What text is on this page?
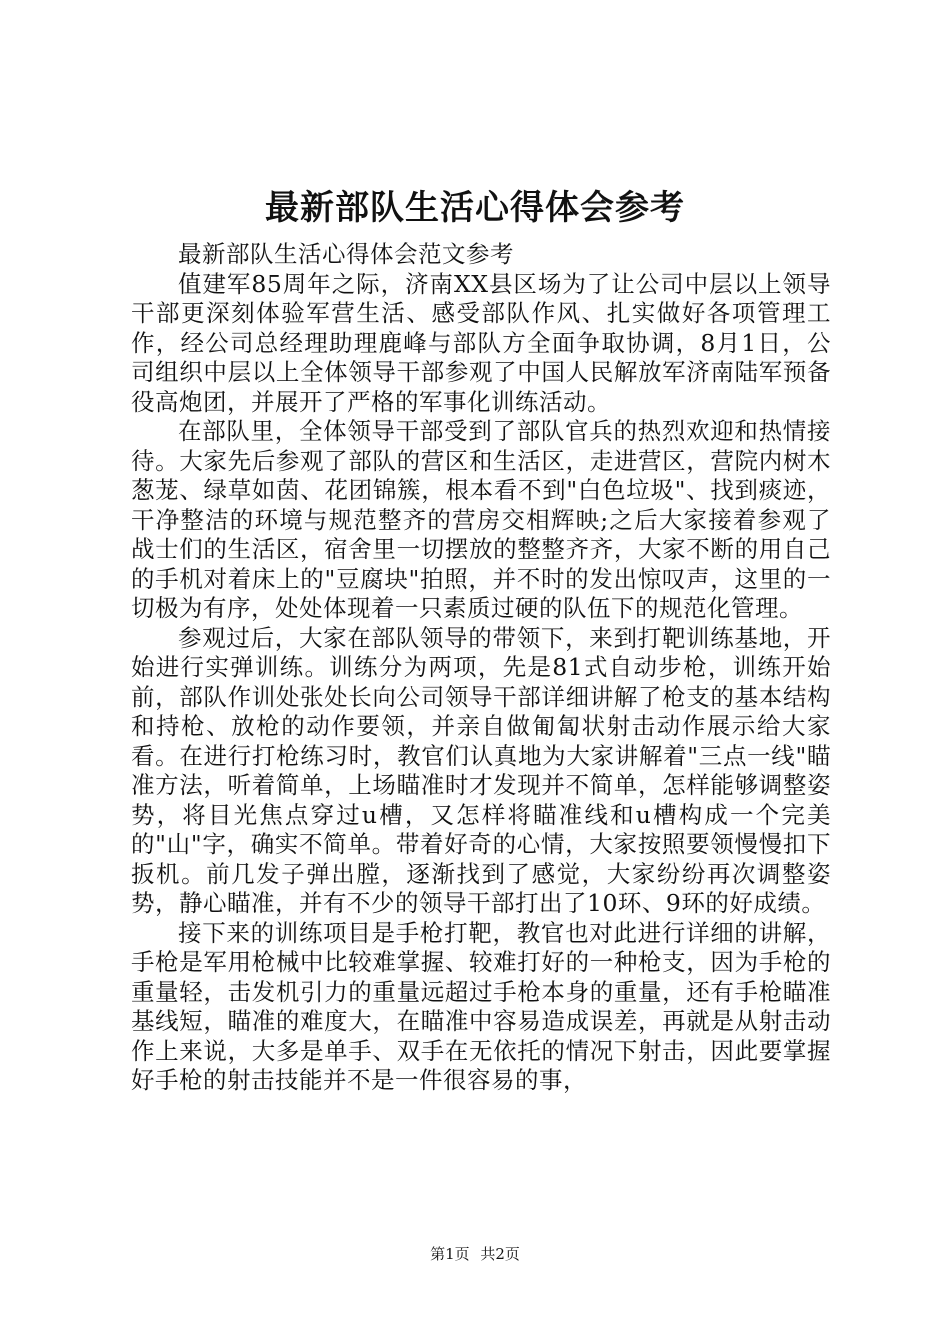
最新部队生活心得体会参考

最新部队生活心得体会范文参考

值建军85周年之际，济南XX县区场为了让公司中层以上领导干部更深刻体验军营生活、感受部队作风、扎实做好各项管理工作，经公司总经理助理鹿峰与部队方全面争取协调，8月1日，公司组织中层以上全体领导干部参观了中国人民解放军济南陆军预备役高炮团，并展开了严格的军事化训练活动。

在部队里，全体领导干部受到了部队官兵的热烈欢迎和热情接待。大家先后参观了部队的营区和生活区，走进营区，营院内树木葱茏、绿草如茵、花团锦簇，根本看不到"白色垃圾"、找到痰迹，干净整洁的环境与规范整齐的营房交相辉映;之后大家接着参观了战士们的生活区，宿舍里一切摆放的整整齐齐，大家不断的用自己的手机对着床上的"豆腐块"拍照，并不时的发出惊叹声，这里的一切极为有序，处处体现着一只素质过硬的队伍下的规范化管理。

参观过后，大家在部队领导的带领下，来到打靶训练基地，开始进行实弹训练。训练分为两项，先是81式自动步枪，训练开始前，部队作训处张处长向公司领导干部详细讲解了枪支的基本结构和持枪、放枪的动作要领，并亲自做匍匐状射击动作展示给大家看。在进行打枪练习时，教官们认真地为大家讲解着"三点一线"瞄准方法，听着简单，上场瞄准时才发现并不简单，怎样能够调整姿势，将目光焦点穿过u槽，又怎样将瞄准线和u槽构成一个完美的"山"字，确实不简单。带着好奇的心情，大家按照要领慢慢扣下扳机。前几发子弹出膛，逐渐找到了感觉，大家纷纷再次调整姿势，静心瞄准，并有不少的领导干部打出了10环、9环的好成绩。

接下来的训练项目是手枪打靶，教官也对此进行详细的讲解，手枪是军用枪械中比较难掌握、较难打好的一种枪支，因为手枪的重量轻，击发机引力的重量远超过手枪本身的重量，还有手枪瞄准基线短，瞄准的难度大，在瞄准中容易造成误差，再就是从射击动作上来说，大多是单手、双手在无依托的情况下射击，因此要掌握好手枪的射击技能并不是一件很容易的事，

第1页 共2页
